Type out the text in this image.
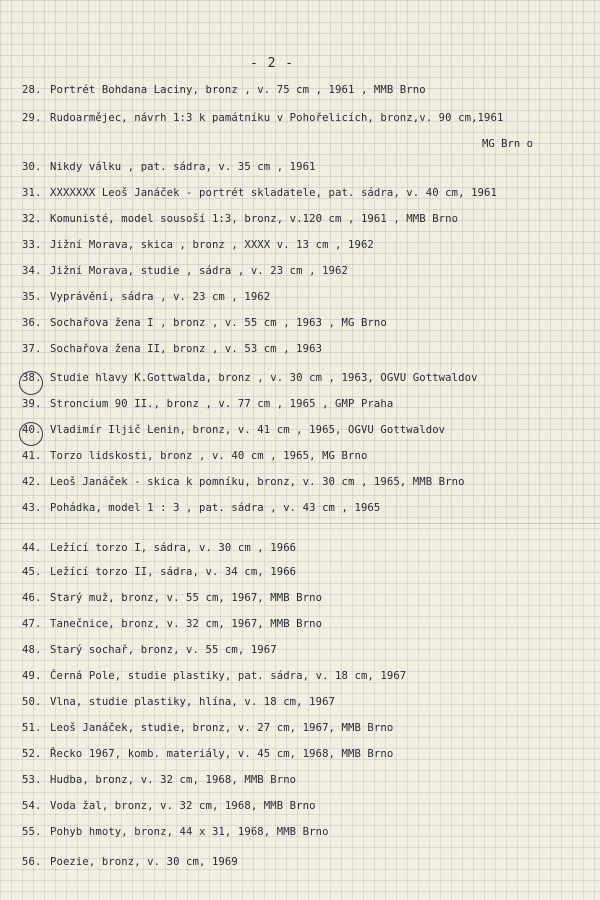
- 2 -
28. Portrét Bohdana Laciny, bronz , v. 75 cm , 1961 , MMB Brno
29. Rudoarmějec, návrh 1:3 k památníku v Pohořelicích, bronz,v. 90 cm,1961
30. Nikdy válku , pat. sádra, v. 35 cm , 1961
31. XXXXXXX Leoš Janáček - portrét skladatele, pat. sádra, v. 40 cm, 1961
32. Komunisté, model sousoší 1:3, bronz, v.120 cm , 1961 , MMB Brno
33. Jižní Morava, skica , bronz , XXXX v. 13 cm , 1962
34. Jižní Morava, studie , sádra , v. 23 cm , 1962
35. Vyprávění, sádra , v. 23 cm , 1962
36. Sochařova žena I , bronz , v. 55 cm , 1963 , MG Brno
37. Sochařova žena II, bronz , v. 53 cm , 1963
38. Studie hlavy K.Gottwalda, bronz , v. 30 cm , 1963, OGVU Gottwaldov
39. Stroncium 90 II., bronz , v. 77 cm , 1965 , GMP Praha
40. Vladimír Iljič Lenin, bronz, v. 41 cm , 1965, OGVU Gottwaldov
41. Torzo lidskosti, bronz , v. 40 cm , 1965, MG Brno
42. Leoš Janáček - skica k pomníku, bronz, v. 30 cm , 1965, MMB Brno
43. Pohádka, model 1 : 3 , pat. sádra , v. 43 cm , 1965
44. Ležící torzo I, sádra, v. 30 cm , 1966
45. Ležící torzo II, sádra, v. 34 cm, 1966
46. Starý muž, bronz, v. 55 cm, 1967, MMB Brno
47. Tanečnice, bronz, v. 32 cm, 1967, MMB Brno
48. Starý sochař, bronz, v. 55 cm, 1967
49. Černá Pole, studie plastiky, pat. sádra, v. 18 cm, 1967
50. Vlna, studie plastiky, hlína, v. 18 cm, 1967
51. Leoš Janáček, studie, bronz, v. 27 cm, 1967, MMB Brno
52. Řecko 1967, komb. materiály, v. 45 cm, 1968, MMB Brno
53. Hudba, bronz, v. 32 cm, 1968, MMB Brno
54. Voda žal, bronz, v. 32 cm, 1968, MMB Brno
55. Pohyb hmoty, bronz, 44 x 31, 1968, MMB Brno
56. Poezie, bronz, v. 30 cm, 1969
MG Brn o
